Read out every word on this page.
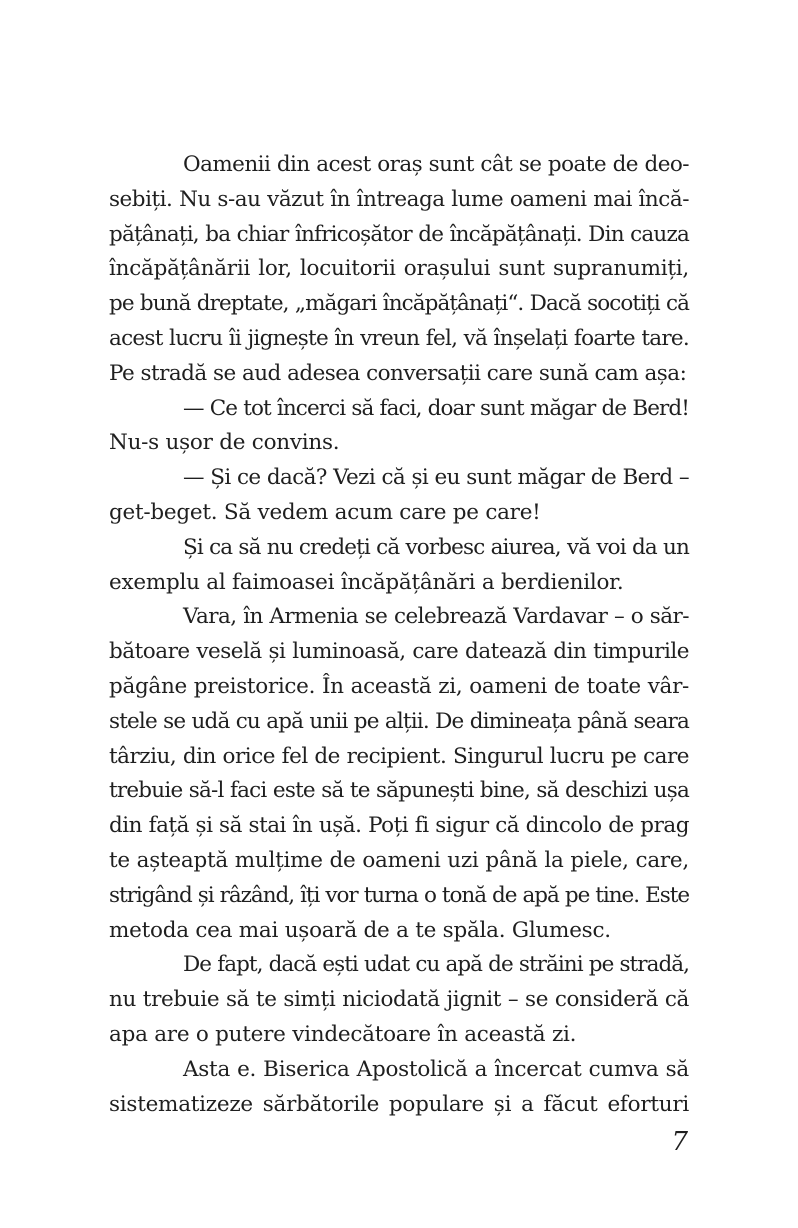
Oamenii din acest oraș sunt cât se poate de deo-
sebiți. Nu s-au văzut în întreaga lume oameni mai încă-
pățânați, ba chiar înfricoșător de încăpățânați. Din cauza
încăpățânării lor, locuitorii orașului sunt supranumiți,
pe bună dreptate, „măgari încăpățânați“. Dacă socotiți că
acest lucru îi jignește în vreun fel, vă înșelați foarte tare.
Pe stradă se aud adesea conversații care sună cam așa:
— Ce tot încerci să faci, doar sunt măgar de Berd!
Nu-s ușor de convins.
— Și ce dacă? Vezi că și eu sunt măgar de Berd –
get-beget. Să vedem acum care pe care!
Și ca să nu credeți că vorbesc aiurea, vă voi da un
exemplu al faimoasei încăpățânări a berdienilor.
Vara, în Armenia se celebrează Vardavar – o săr-
bătoare veselă și luminoasă, care datează din timpurile
păgâne preistorice. În această zi, oameni de toate vâr-
stele se udă cu apă unii pe alții. De dimineața până seara
târziu, din orice fel de recipient. Singurul lucru pe care
trebuie să-l faci este să te săpunești bine, să deschizi ușa
din față și să stai în ușă. Poți fi sigur că dincolo de prag
te așteaptă mulțime de oameni uzi până la piele, care,
strigând și râzând, îți vor turna o tonă de apă pe tine. Este
metoda cea mai ușoară de a te spăla. Glumesc.
De fapt, dacă ești udat cu apă de străini pe stradă,
nu trebuie să te simți niciodată jignit – se consideră că
apa are o putere vindecătoare în această zi.
Asta e. Biserica Apostolică a încercat cumva să
sistematizeze sărbătorile populare și a făcut eforturi
7
